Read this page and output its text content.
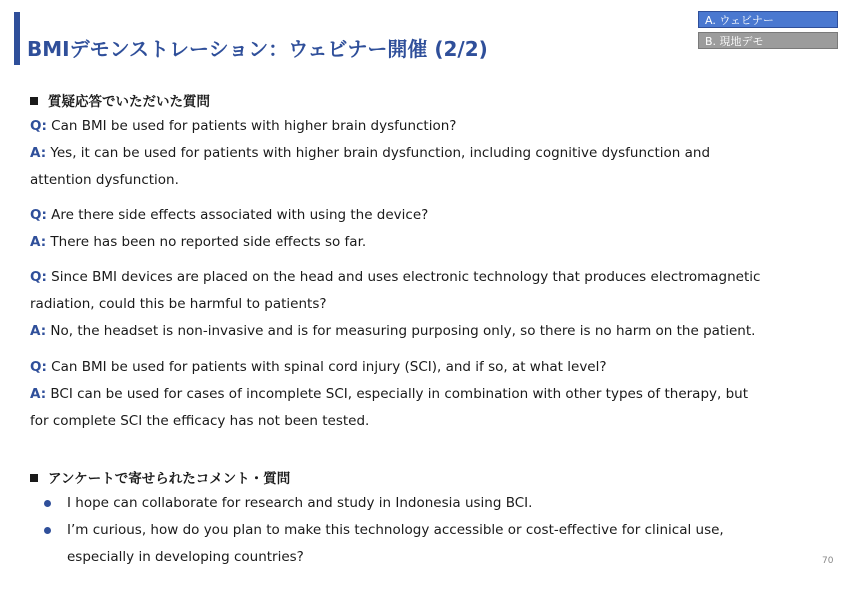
BMIデモンストレーション：ウェビナー開催 (2/2)
A. ウェビナー
B. 現地デモ
質疑応答でいただいた質問
Q: Can BMI be used for patients with higher brain dysfunction?
A: Yes, it can be used for patients with higher brain dysfunction, including cognitive dysfunction and
attention dysfunction.
Q: Are there side effects associated with using the device?
A: There has been no reported side effects so far.
Q: Since BMI devices are placed on the head and uses electronic technology that produces electromagnetic
radiation, could this be harmful to patients?
A: No, the headset is non-invasive and is for measuring purposing only, so there is no harm on the patient.
Q: Can BMI be used for patients with spinal cord injury (SCI), and if so, at what level?
A: BCI can be used for cases of incomplete SCI, especially in combination with other types of therapy, but
for complete SCI the efficacy has not been tested.
アンケートで寄せられたコメント・質問
I hope can collaborate for research and study in Indonesia using BCI.
I’m curious, how do you plan to make this technology accessible or cost-effective for clinical use,
especially in developing countries?	70
